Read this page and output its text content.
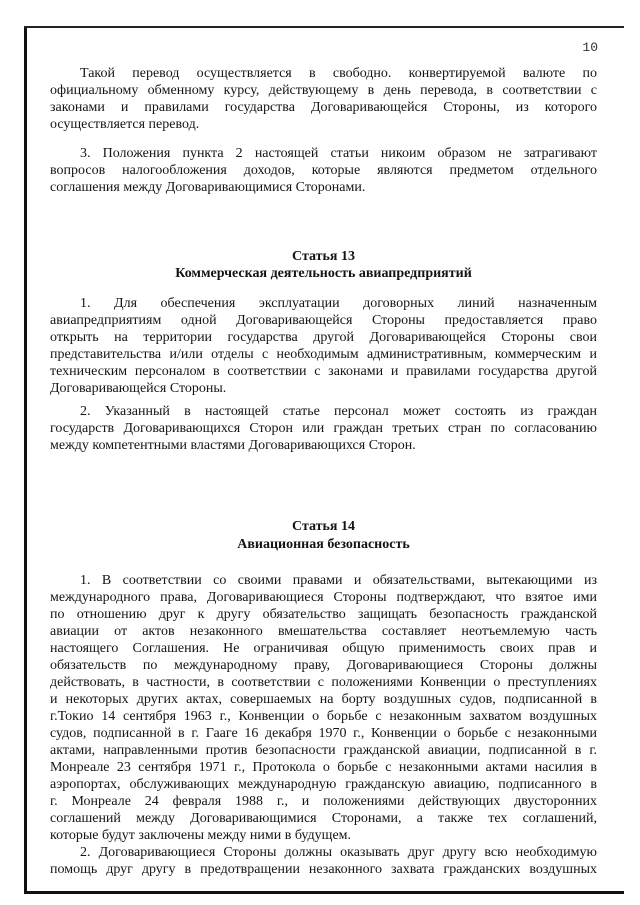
10
Такой перевод осуществляется в свободно. конвертируемой валюте по
официальному обменному курсу, действующему в день перевода, в соответствии с
законами и правилами государства Договаривающейся Стороны, из которого
осуществляется перевод.
3. Положения пункта 2 настоящей статьи никоим образом не затрагивают
вопросов налогообложения доходов, которые являются предметом отдельного
соглашения между Договаривающимися Сторонами.
Статья 13
Коммерческая деятельность авиапредприятий
1. Для обеспечения эксплуатации договорных линий назначенным
авиапредприятиям одной Договаривающейся Стороны предоставляется право
открыть на территории государства другой Договаривающейся Стороны свои
представительства и/или отделы с необходимым административным, коммерческим и
техническим персоналом в соответствии с законами и правилами государства другой
Договаривающейся Стороны.
2. Указанный в настоящей статье персонал может состоять из граждан
государств Договаривающихся Сторон или граждан третьих стран по согласованию
между компетентными властями Договаривающихся Сторон.
Статья 14
Авиационная безопасность
1. В соответствии со своими правами и обязательствами, вытекающими из
международного права, Договаривающиеся Стороны подтверждают, что взятое ими
по отношению друг к другу обязательство защищать безопасность гражданской
авиации от актов незаконного вмешательства составляет неотъемлемую часть
настоящего Соглашения. Не ограничивая общую применимость своих прав и
обязательств по международному праву, Договаривающиеся Стороны должны
действовать, в частности, в соответствии с положениями Конвенции о преступлениях
и некоторых других актах, совершаемых на борту воздушных судов, подписанной в
г.Токио 14 сентября 1963 г., Конвенции о борьбе с незаконным захватом воздушных
судов, подписанной в г. Гааге 16 декабря 1970 г., Конвенции о борьбе с незаконными
актами, направленными против безопасности гражданской авиации, подписанной в г.
Монреале 23 сентября 1971 г., Протокола о борьбе с незаконными актами насилия в
аэропортах, обслуживающих международную гражданскую авиацию, подписанного в
г. Монреале 24 февраля 1988 г., и положениями действующих двусторонних
соглашений между Договаривающимися Сторонами, а также тех соглашений,
которые будут заключены между ними в будущем.
2. Договаривающиеся Стороны должны оказывать друг другу всю необходимую
помощь друг другу в предотвращении незаконного захвата гражданских воздушных
